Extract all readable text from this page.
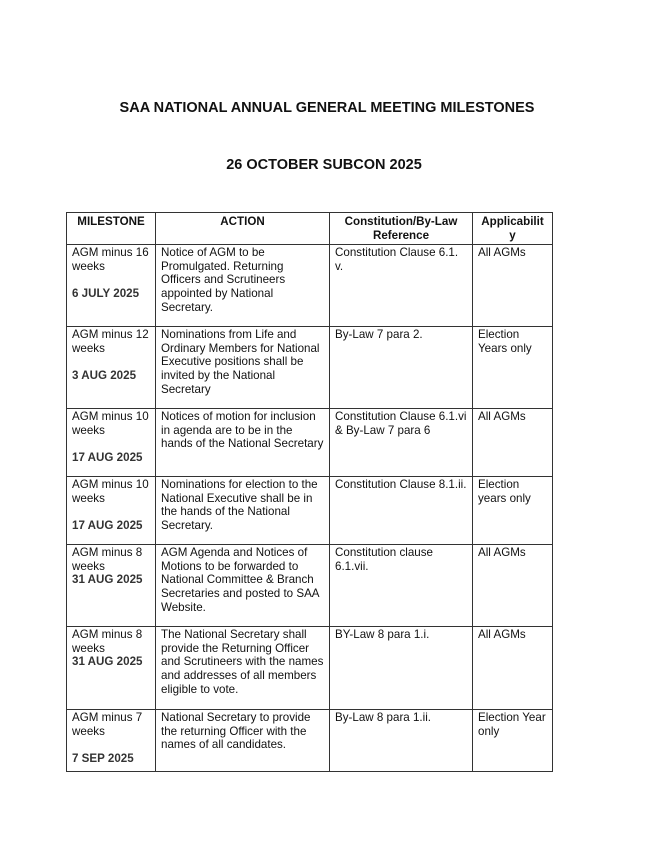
SAA NATIONAL ANNUAL GENERAL MEETING MILESTONES
26 OCTOBER SUBCON 2025
MILESTONE	ACTION	Constitution/By-Law Reference	Applicabilit y
AGM minus 16 weeks
6 JULY 2025	Notice of AGM to be Promulgated. Returning Officers and Scrutineers appointed by National Secretary.	Constitution Clause 6.1. v.	All AGMs
AGM minus 12 weeks
3 AUG 2025	Nominations from Life and Ordinary Members for National Executive positions shall be invited by the National Secretary	By-Law 7 para 2.	Election Years only
AGM minus 10 weeks
17 AUG 2025	Notices of motion for inclusion in agenda are to be in the hands of the National Secretary	Constitution Clause 6.1.vi & By-Law 7 para 6	All AGMs
AGM minus 10 weeks
17 AUG 2025	Nominations for election to the National Executive shall be in the hands of the National Secretary.	Constitution Clause 8.1.ii.	Election years only
AGM minus 8 weeks
31 AUG 2025	AGM Agenda and Notices of Motions to be forwarded to National Committee & Branch Secretaries and posted to SAA Website.	Constitution clause 6.1.vii.	All AGMs
AGM minus 8 weeks
31 AUG 2025	The National Secretary shall provide the Returning Officer and Scrutineers with the names and addresses of all members eligible to vote.	BY-Law 8 para 1.i.	All AGMs
AGM minus 7 weeks
7 SEP 2025	National Secretary to provide the returning Officer with the names of all candidates.	By-Law 8 para 1.ii.	Election Year only
